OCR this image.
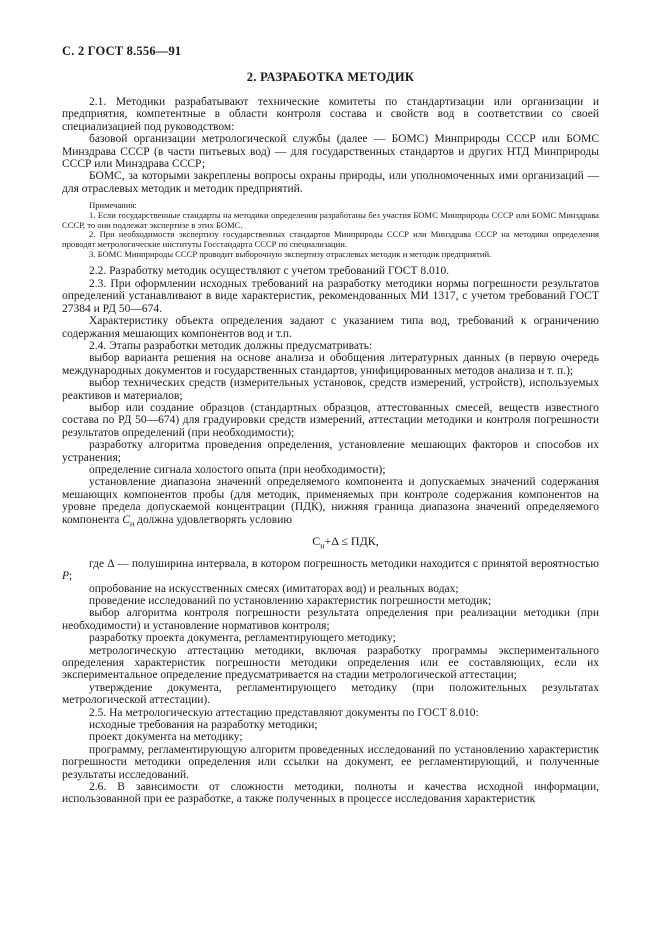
С. 2 ГОСТ 8.556—91
2. РАЗРАБОТКА МЕТОДИК

2.1. Методики разрабатывают технические комитеты по стандартизации или организации и предприятия, компетентные в области контроля состава и свойств вод в соответствии со своей специализацией под руководством:

базовой организации метрологической службы (далее — БОМС) Минприроды СССР или БОМС Минздрава СССР (в части питьевых вод) — для государственных стандартов и других НТД Минприроды СССР или Минздрава СССР;

БОМС, за которыми закреплены вопросы охраны природы, или уполномоченных ими организаций — для отраслевых методик и методик предприятий.

Примечания:

1. Если государственные стандарты на методики определения разработаны без участия БОМС Минприроды СССР или БОМС Минздрава СССР, то они подлежат экспертизе в этих БОМС.

2. При необходимости экспертизу государственных стандартов Минприроды СССР или Минздрава СССР на методики определения проводят метрологические институты Госстандарта СССР по специализации.

3. БОМС Минприроды СССР проводит выборочную экспертизу отраслевых методик и методик предприятий.

2.2. Разработку методик осуществляют с учетом требований ГОСТ 8.010.

2.3. При оформлении исходных требований на разработку методики нормы погрешности результатов определений устанавливают в виде характеристик, рекомендованных МИ 1317, с учетом требований ГОСТ 27384 и РД 50—674.

Характеристику объекта определения задают с указанием типа вод, требований к ограничению содержания мешающих компонентов вод и т.п.

2.4. Этапы разработки методик должны предусматривать:

выбор варианта решения на основе анализа и обобщения литературных данных (в первую очередь международных документов и государственных стандартов, унифицированных методов анализа и т. п.);

выбор технических средств (измерительных установок, средств измерений, устройств), используемых реактивов и материалов;

выбор или создание образцов (стандартных образцов, аттестованных смесей, веществ известного состава по РД 50—674) для градуировки средств измерений, аттестации методики и контроля погрешности результатов определений (при необходимости);

разработку алгоритма проведения определения, установление мешающих факторов и способов их устранения;

определение сигнала холостого опыта (при необходимости);

установление диапазона значений определяемого компонента и допускаемых значений содержания мешающих компонентов пробы (для методик, применяемых при контроле содержания компонентов на уровне предела допускаемой концентрации (ПДК), нижняя граница диапазона значений определяемого компонента $С_н$ должна удовлетворять условию

$С_н+\Delta$ ≤ ПДК,

где Δ — полуширина интервала, в котором погрешность методики находится с принятой вероятностью P;

опробование на искусственных смесях (имитаторах вод) и реальных водах;

проведение исследований по установлению характеристик погрешности методик;

выбор алгоритма контроля погрешности результата определения при реализации методики (при необходимости) и установление нормативов контроля;

разработку проекта документа, регламентирующего методику;

метрологическую аттестацию методики, включая разработку программы экспериментального определения характеристик погрешности методики определения или ее составляющих, если их экспериментальное определение предусматривается на стадии метрологической аттестации;

утверждение документа, регламентирующего методику (при положительных результатах метрологической аттестации).

2.5. На метрологическую аттестацию представляют документы по ГОСТ 8.010:

исходные требования на разработку методики;

проект документа на методику;

программу, регламентирующую алгоритм проведенных исследований по установлению характеристик погрешности методики определения или ссылки на документ, ее регламентирующий, и полученные результаты исследований.

2.6. В зависимости от сложности методики, полноты и качества исходной информации, использованной при ее разработке, а также полученных в процессе исследования характеристик
